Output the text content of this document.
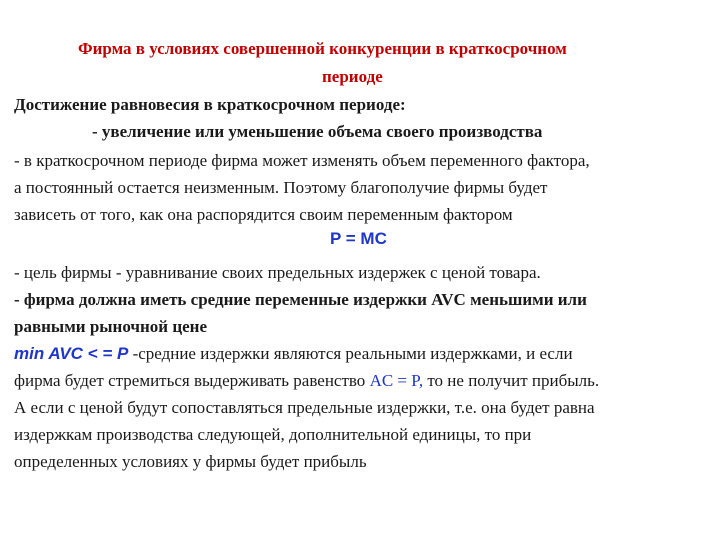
Фирма в условиях совершенной конкуренции в краткосрочном
периоде
Достижение равновесия в краткосрочном периоде:
- увеличение или уменьшение объема своего производства
- в краткосрочном периоде фирма может изменять объем переменного фактора,
а постоянный остается неизменным. Поэтому благополучие фирмы будет
зависеть от того, как она распорядится своим переменным фактором
P = MC
- цель фирмы - уравнивание своих предельных издержек с ценой товара.
- фирма должна иметь средние переменные издержки AVC меньшими или
равными рыночной цене
min AVC < = P -средние издержки являются реальными издержками, и если
фирма будет стремиться выдерживать равенство AC = P, то не получит прибыль.
А если с ценой будут сопоставляться предельные издержки, т.е. она будет равна
издержкам производства следующей, дополнительной единицы, то при
определенных условиях у фирмы будет прибыль
